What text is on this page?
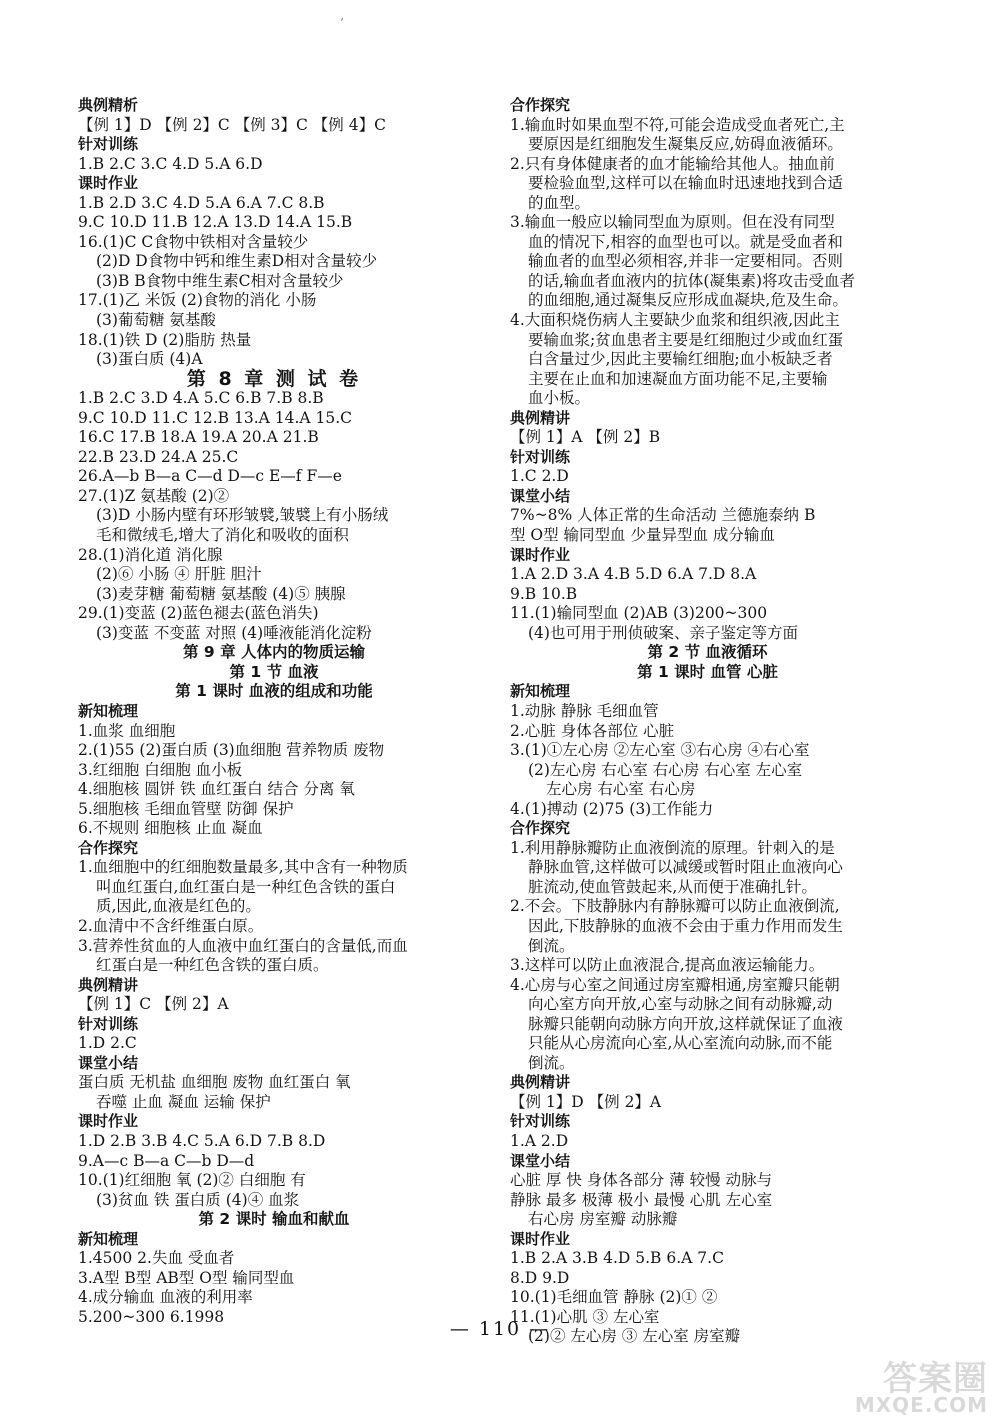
’
典例精析
【例 1】D 【例 2】C 【例 3】C 【例 4】C
针对训练
1.B 2.C 3.C 4.D 5.A 6.D
课时作业
1.B 2.D 3.C 4.D 5.A 6.A 7.C 8.B
9.C 10.D 11.B 12.A 13.D 14.A 15.B
16.(1)C C食物中铁相对含量较少
(2)D D食物中钙和维生素D相对含量较少
(3)B B食物中维生素C相对含量较少
17.(1)乙 米饭 (2)食物的消化 小肠
(3)葡萄糖 氨基酸
18.(1)铁 D (2)脂肪 热量
(3)蛋白质 (4)A
第 8 章 测 试 卷
1.B 2.C 3.D 4.A 5.C 6.B 7.B 8.B
9.C 10.D 11.C 12.B 13.A 14.A 15.C
16.C 17.B 18.A 19.A 20.A 21.B
22.B 23.D 24.A 25.C
26.A—b B—a C—d D—c E—f F—e
27.(1)Z 氨基酸 (2)②
(3)D 小肠内壁有环形皱襞,皱襞上有小肠绒
毛和微绒毛,增大了消化和吸收的面积
28.(1)消化道 消化腺
(2)⑥ 小肠 ④ 肝脏 胆汁
(3)麦芽糖 葡萄糖 氨基酸 (4)⑤ 胰腺
29.(1)变蓝 (2)蓝色褪去(蓝色消失)
(3)变蓝 不变蓝 对照 (4)唾液能消化淀粉
第 9 章 人体内的物质运输
第 1 节 血液
第 1 课时 血液的组成和功能
新知梳理
1.血浆 血细胞
2.(1)55 (2)蛋白质 (3)血细胞 营养物质 废物
3.红细胞 白细胞 血小板
4.细胞核 圆饼 铁 血红蛋白 结合 分离 氧
5.细胞核 毛细血管壁 防御 保护
6.不规则 细胞核 止血 凝血
合作探究
1.血细胞中的红细胞数量最多,其中含有一种物质
叫血红蛋白,血红蛋白是一种红色含铁的蛋白
质,因此,血液是红色的。
2.血清中不含纤维蛋白原。
3.营养性贫血的人血液中血红蛋白的含量低,而血
红蛋白是一种红色含铁的蛋白质。
典例精讲
【例 1】C 【例 2】A
针对训练
1.D 2.C
课堂小结
蛋白质 无机盐 血细胞 废物 血红蛋白 氧
吞噬 止血 凝血 运输 保护
课时作业
1.D 2.B 3.B 4.C 5.A 6.D 7.B 8.D
9.A—c B—a C—b D—d
10.(1)红细胞 氧 (2)② 白细胞 有
(3)贫血 铁 蛋白质 (4)④ 血浆
第 2 课时 输血和献血
新知梳理
1.4500 2.失血 受血者
3.A型 B型 AB型 O型 输同型血
4.成分输血 血液的利用率
5.200~300 6.1998
合作探究
1.输血时如果血型不符,可能会造成受血者死亡,主
要原因是红细胞发生凝集反应,妨碍血液循环。
2.只有身体健康者的血才能输给其他人。抽血前
要检验血型,这样可以在输血时迅速地找到合适
的血型。
3.输血一般应以输同型血为原则。但在没有同型
血的情况下,相容的血型也可以。就是受血者和
输血者的血型必须相容,并非一定要相同。否则
的话,输血者血液内的抗体(凝集素)将攻击受血者
的血细胞,通过凝集反应形成血凝块,危及生命。
4.大面积烧伤病人主要缺少血浆和组织液,因此主
要输血浆;贫血患者主要是红细胞过少或血红蛋
白含量过少,因此主要输红细胞;血小板缺乏者
主要在止血和加速凝血方面功能不足,主要输
血小板。
典例精讲
【例 1】A 【例 2】B
针对训练
1.C 2.D
课堂小结
7%~8% 人体正常的生命活动 兰德施泰纳 B
型 O型 输同型血 少量异型血 成分输血
课时作业
1.A 2.D 3.A 4.B 5.D 6.A 7.D 8.A
9.B 10.B
11.(1)输同型血 (2)AB (3)200~300
(4)也可用于刑侦破案、亲子鉴定等方面
第 2 节 血液循环
第 1 课时 血管 心脏
新知梳理
1.动脉 静脉 毛细血管
2.心脏 身体各部位 心脏
3.(1)①左心房 ②左心室 ③右心房 ④右心室
(2)左心房 右心室 右心房 右心室 左心室
左心房 右心室 右心房
4.(1)搏动 (2)75 (3)工作能力
合作探究
1.利用静脉瓣防止血液倒流的原理。针刺入的是
静脉血管,这样做可以减缓或暂时阻止血液向心
脏流动,使血管鼓起来,从而便于准确扎针。
2.不会。下肢静脉内有静脉瓣可以防止血液倒流,
因此,下肢静脉的血液不会由于重力作用而发生
倒流。
3.这样可以防止血液混合,提高血液运输能力。
4.心房与心室之间通过房室瓣相通,房室瓣只能朝
向心室方向开放,心室与动脉之间有动脉瓣,动
脉瓣只能朝向动脉方向开放,这样就保证了血液
只能从心房流向心室,从心室流向动脉,而不能
倒流。
典例精讲
【例 1】D 【例 2】A
针对训练
1.A 2.D
课堂小结
心脏 厚 快 身体各部分 薄 较慢 动脉与
静脉 最多 极薄 极小 最慢 心肌 左心室
右心房 房室瓣 动脉瓣
课时作业
1.B 2.A 3.B 4.D 5.B 6.A 7.C
8.D 9.D
10.(1)毛细血管 静脉 (2)① ②
11.(1)心肌 ③ 左心室
(2)② 左心房 ③ 左心室 房室瓣
— 110 —
答案圈
MXQE.COM
